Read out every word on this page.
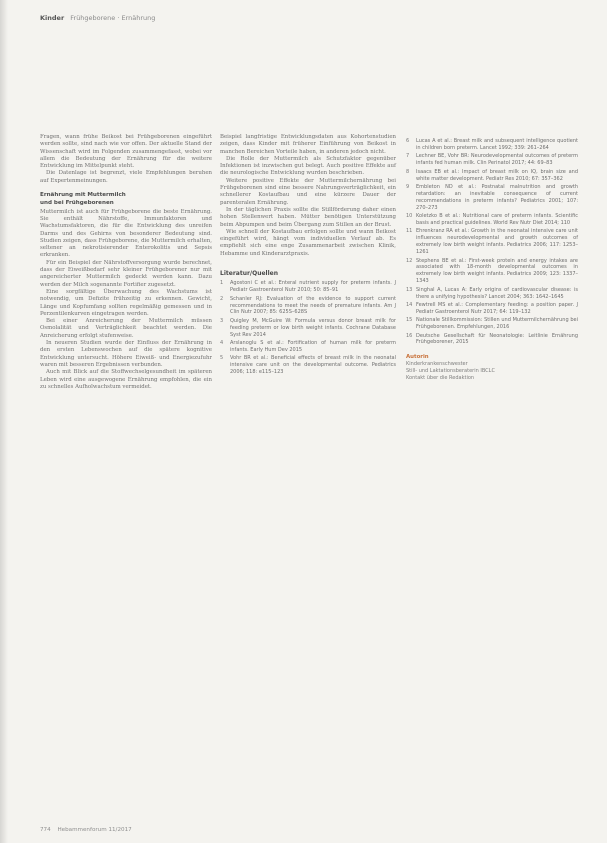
Kinder Frühgeborene · Ernährung

Fragen, wann frühe Beikost bei Frühgeborenen eingeführt werden sollte, sind nach wie vor offen. Der aktuelle Stand der Wissenschaft wird im Folgenden zusammengefasst, wobei vor allem die Bedeutung der Ernährung für die weitere Entwicklung im Mittelpunkt steht.

Die Datenlage ist begrenzt, viele Empfehlungen beruhen auf Expertenmeinungen.

Ernährung mit Muttermilch
und bei Frühgeborenen

Muttermilch ist auch für Frühgeborene die beste Ernährung. Sie enthält Nährstoffe, Immunfaktoren und Wachstumsfaktoren, die für die Entwicklung des unreifen Darms und des Gehirns von besonderer Bedeutung sind. Studien zeigen, dass Frühgeborene, die Muttermilch erhalten, seltener an nekrotisierender Enterokolitis und Sepsis erkranken.

Für ein Beispiel der Nährstoffversorgung wurde berechnet, dass der Eiweißbedarf sehr kleiner Frühgeborener nur mit angereicherter Muttermilch gedeckt werden kann. Dazu werden der Milch sogenannte Fortifier zugesetzt.

Eine sorgfältige Überwachung des Wachstums ist notwendig, um Defizite frühzeitig zu erkennen. Gewicht, Länge und Kopfumfang sollten regelmäßig gemessen und in Perzentilenkurven eingetragen werden.

Bei einer Anreicherung der Muttermilch müssen Osmolalität und Verträglichkeit beachtet werden. Die Anreicherung erfolgt stufenweise.

In neueren Studien wurde der Einfluss der Ernährung in den ersten Lebenswochen auf die spätere kognitive Entwicklung untersucht. Höhere Eiweiß- und Energiezufuhr waren mit besseren Ergebnissen verbunden.

Auch mit Blick auf die Stoffwechselgesundheit im späteren Leben wird eine ausgewogene Ernährung empfohlen, die ein zu schnelles Aufholwachstum vermeidet.

Beispiel langfristige Entwicklungsdaten aus Kohortenstudien zeigen, dass Kinder mit früherer Einführung von Beikost in manchen Bereichen Vorteile haben, in anderen jedoch nicht.

Die Rolle der Muttermilch als Schutzfaktor gegenüber Infektionen ist inzwischen gut belegt. Auch positive Effekte auf die neurologische Entwicklung wurden beschrieben.

Weitere positive Effekte der Muttermilchernährung bei Frühgeborenen sind eine bessere Nahrungsverträglichkeit, ein schnellerer Kostaufbau und eine kürzere Dauer der parenteralen Ernährung.

In der täglichen Praxis sollte die Stillförderung daher einen hohen Stellenwert haben. Mütter benötigen Unterstützung beim Abpumpen und beim Übergang zum Stillen an der Brust.

Wie schnell der Kostaufbau erfolgen sollte und wann Beikost eingeführt wird, hängt vom individuellen Verlauf ab. Es empfiehlt sich eine enge Zusammenarbeit zwischen Klinik, Hebamme und Kinderarztpraxis.

Literatur/Quellen
1	Agostoni C et al.: Enteral nutrient supply for preterm infants. J Pediatr Gastroenterol Nutr 2010; 50: 85–91
2	Schanler RJ: Evaluation of the evidence to support current recommendations to meet the needs of premature infants. Am J Clin Nutr 2007; 85: 625S–628S
3	Quigley M, McGuire W: Formula versus donor breast milk for feeding preterm or low birth weight infants. Cochrane Database Syst Rev 2014
4	Arslanoglu S et al.: Fortification of human milk for preterm infants. Early Hum Dev 2015
5	Vohr BR et al.: Beneficial effects of breast milk in the neonatal intensive care unit on the developmental outcome. Pediatrics 2006; 118: e115–123
6	Lucas A et al.: Breast milk and subsequent intelligence quotient in children born preterm. Lancet 1992; 339: 261–264
7	Lechner BE, Vohr BR: Neurodevelopmental outcomes of preterm infants fed human milk. Clin Perinatol 2017; 44: 69–83
8	Isaacs EB et al.: Impact of breast milk on IQ, brain size and white matter development. Pediatr Res 2010; 67: 357–362
9	Embleton ND et al.: Postnatal malnutrition and growth retardation: an inevitable consequence of current recommendations in preterm infants? Pediatrics 2001; 107: 270–273
10 Koletzko B et al.: Nutritional care of preterm infants. Scientific basis and practical guidelines. World Rev Nutr Diet 2014; 110
11 Ehrenkranz RA et al.: Growth in the neonatal intensive care unit influences neurodevelopmental and growth outcomes of extremely low birth weight infants. Pediatrics 2006; 117: 1253–1261
12 Stephens BE et al.: First-week protein and energy intakes are associated with 18-month developmental outcomes in extremely low birth weight infants. Pediatrics 2009; 123: 1337–1343
13 Singhal A, Lucas A: Early origins of cardiovascular disease: is there a unifying hypothesis? Lancet 2004; 363: 1642–1645
14 Fewtrell MS et al.: Complementary feeding: a position paper. J Pediatr Gastroenterol Nutr 2017; 64: 119–132
15 Nationale Stillkommission: Stillen und Muttermilchernährung bei Frühgeborenen. Empfehlungen, 2016
16 Deutsche Gesellschaft für Neonatologie: Leitlinie Ernährung Frühgeborener, 2015
Autorin
Kinderkrankenschwester
Still- und Laktationsberaterin IBCLC
Kontakt über die Redaktion
774 Hebammenforum 11/2017
